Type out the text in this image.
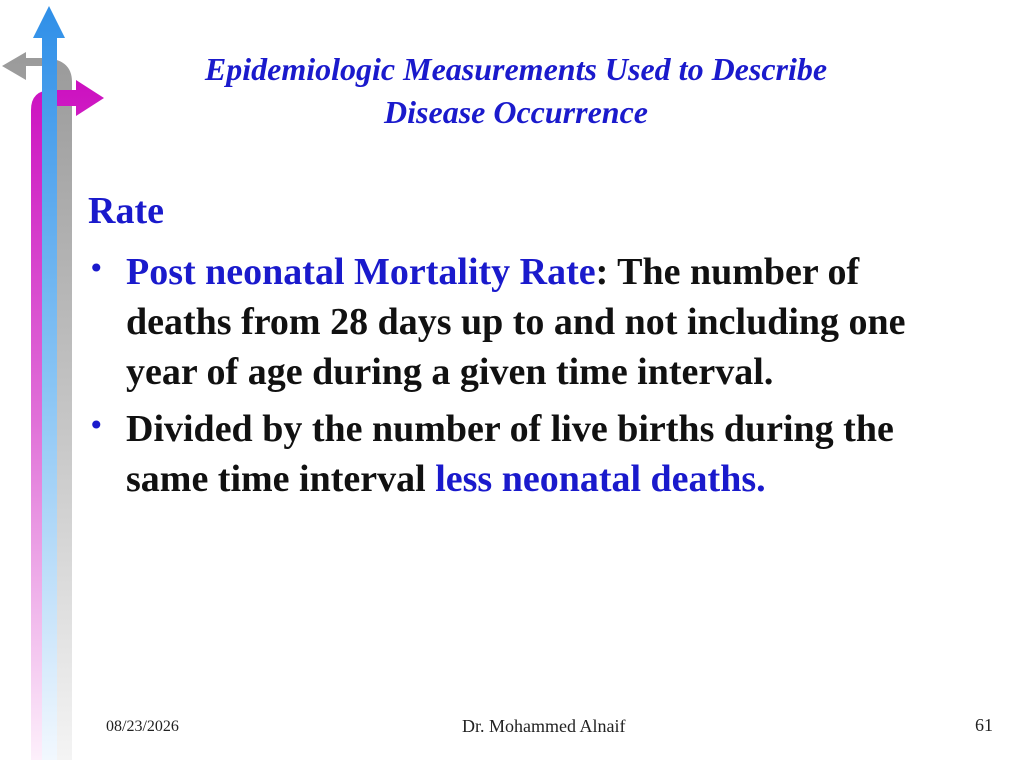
Epidemiologic Measurements Used to Describe
Disease Occurrence
Rate
• Post neonatal Mortality Rate: The number of deaths from 28 days up to and not including one year of age during a given time interval.
• Divided by the number of live births during the same time interval less neonatal deaths.
08/23/2026	Dr. Mohammed Alnaif	61
